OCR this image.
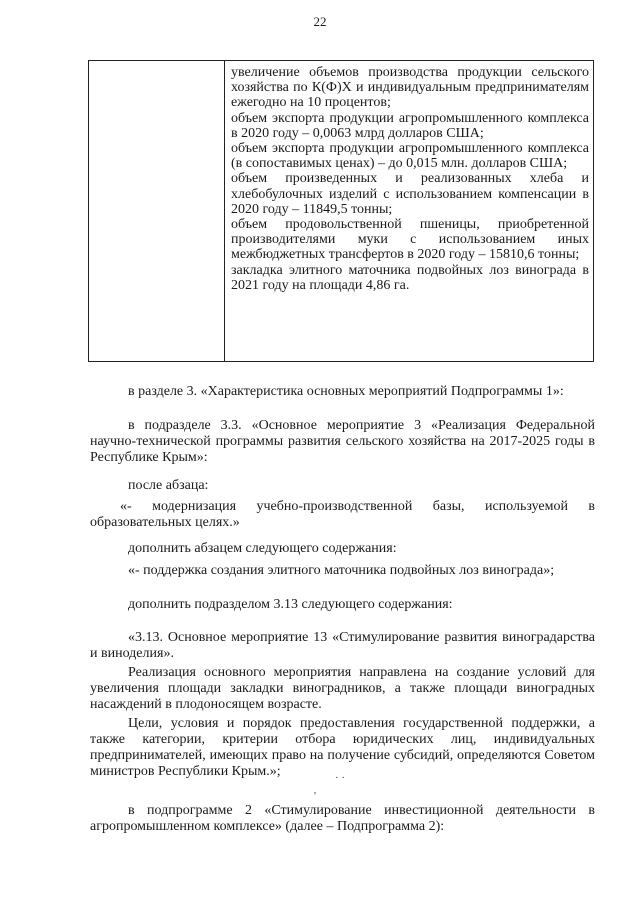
22

увеличение объемов производства продукции сельского хозяйства по К(Ф)Х и индивидуальным предпринимателям ежегодно на 10 процентов;

объем экспорта продукции агропромышленного комплекса в 2020 году – 0,0063 млрд долларов США;

объем экспорта продукции агропромышленного комплекса (в сопоставимых ценах) – до 0,015 млн. долларов США;

объем произведенных и реализованных хлеба и хлебобулочных изделий с использованием компенсации в 2020 году – 11849,5 тонны;

объем продовольственной пшеницы, приобретенной производителями муки с использованием иных межбюджетных трансфертов в 2020 году – 15810,6 тонны;

закладка элитного маточника подвойных лоз винограда в 2021 году на площади 4,86 га.

в разделе 3. «Характеристика основных мероприятий Подпрограммы 1»:

в подразделе 3.3. «Основное мероприятие 3 «Реализация Федеральной научно-технической программы развития сельского хозяйства на 2017-2025 годы в Республике Крым»:

после абзаца:

«- модернизация учебно-производственной базы, используемой в образовательных целях.»

дополнить абзацем следующего содержания:

«- поддержка создания элитного маточника подвойных лоз винограда»;

дополнить подразделом 3.13 следующего содержания:

«3.13. Основное мероприятие 13 «Стимулирование развития виноградарства и виноделия».

Реализация основного мероприятия направлена на создание условий для увеличения площади закладки виноградников, а также площади виноградных насаждений в плодоносящем возрасте.

Цели, условия и порядок предоставления государственной поддержки, а также категории, критерии отбора юридических лиц, индивидуальных предпринимателей, имеющих право на получение субсидий, определяются Советом министров Республики Крым.»;

в подпрограмме 2 «Стимулирование инвестиционной деятельности в агропромышленном комплексе» (далее – Подпрограмма 2):

· ·
'
